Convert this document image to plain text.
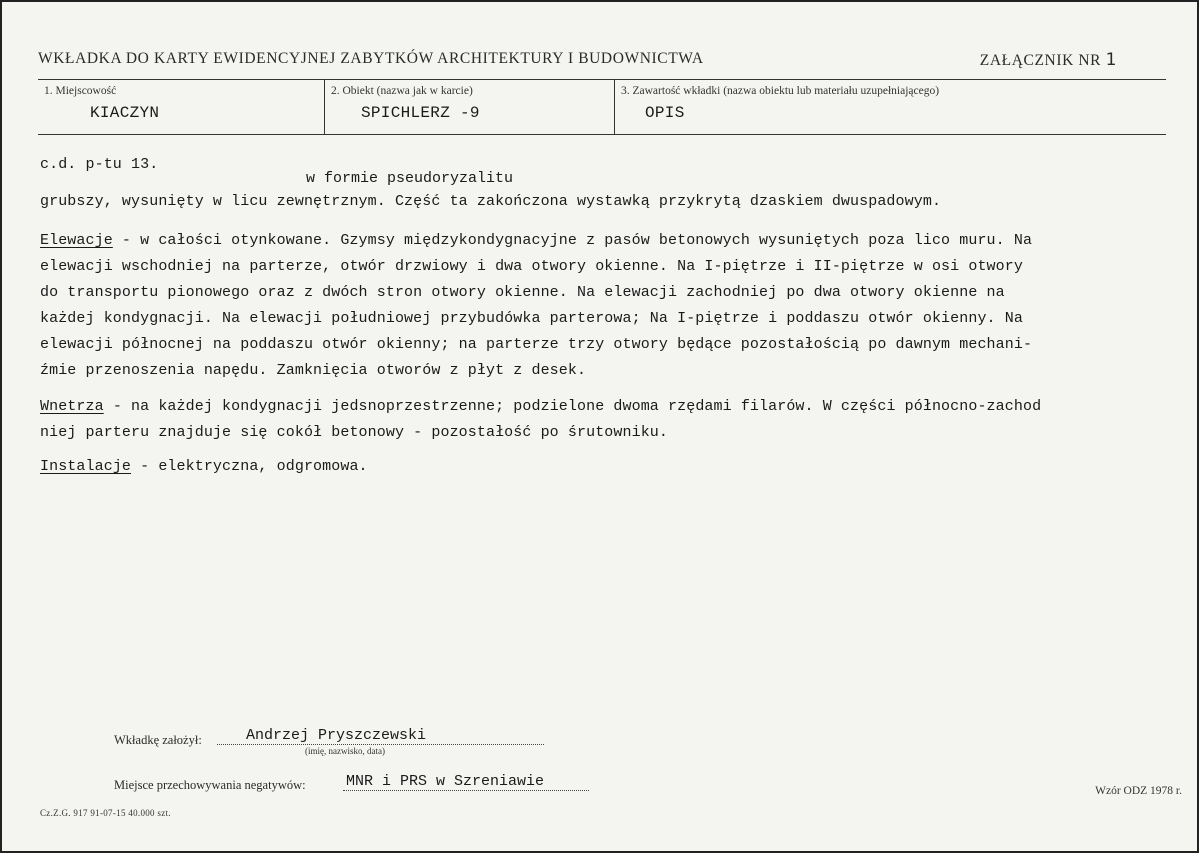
WKŁADKA DO KARTY EWIDENCYJNEJ ZABYTKÓW ARCHITEKTURY I BUDOWNICTWA	ZAŁĄCZNIK NR 1
1. Miejscowość
KIACZYN
2. Obiekt (nazwa jak w karcie)
SPICHLERZ -9
3. Zawartość wkładki (nazwa obiektu lub materiału uzupełniającego)
OPIS
c.d. p-tu 13.
w formie pseudoryzalitu
grubszy, wysunięty w licu zewnętrznym. Część ta zakończona wystawką przykrytą dzaskiem dwuspadowym.
Elewacje - w całości otynkowane. Gzymsy międzykondygnacyjne z pasów betonowych wysuniętych poza lico muru. Na
elewacji wschodniej na parterze, otwór drzwiowy i dwa otwory okienne. Na I-piętrze i II-piętrze w osi otwory
do transportu pionowego oraz z dwóch stron otwory okienne. Na elewacji zachodniej po dwa otwory okienne na
każdej kondygnacji. Na elewacji południowej przybudówka parterowa; Na I-piętrze i poddaszu otwór okienny. Na
elewacji północnej na poddaszu otwór okienny; na parterze trzy otwory będące pozostałością po dawnym mechani-
źmie przenoszenia napędu. Zamknięcia otworów z płyt z desek.
Wnetrza - na każdej kondygnacji jedsnoprzestrzenne; podzielone dwoma rzędami filarów. W części północno-zachod
niej parteru znajduje się cokół betonowy - pozostałość po śrutowniku.
Instalacje - elektryczna, odgromowa.
Wkładkę założył:	Andrzej Pryszczewski
(imię, nazwisko, data)
Miejsce przechowywania negatywów:	MNR i PRS w Szreniawie
Cz.Z.G. 917 91-07-15 40.000 szt.
Wzór ODZ 1978 r.
